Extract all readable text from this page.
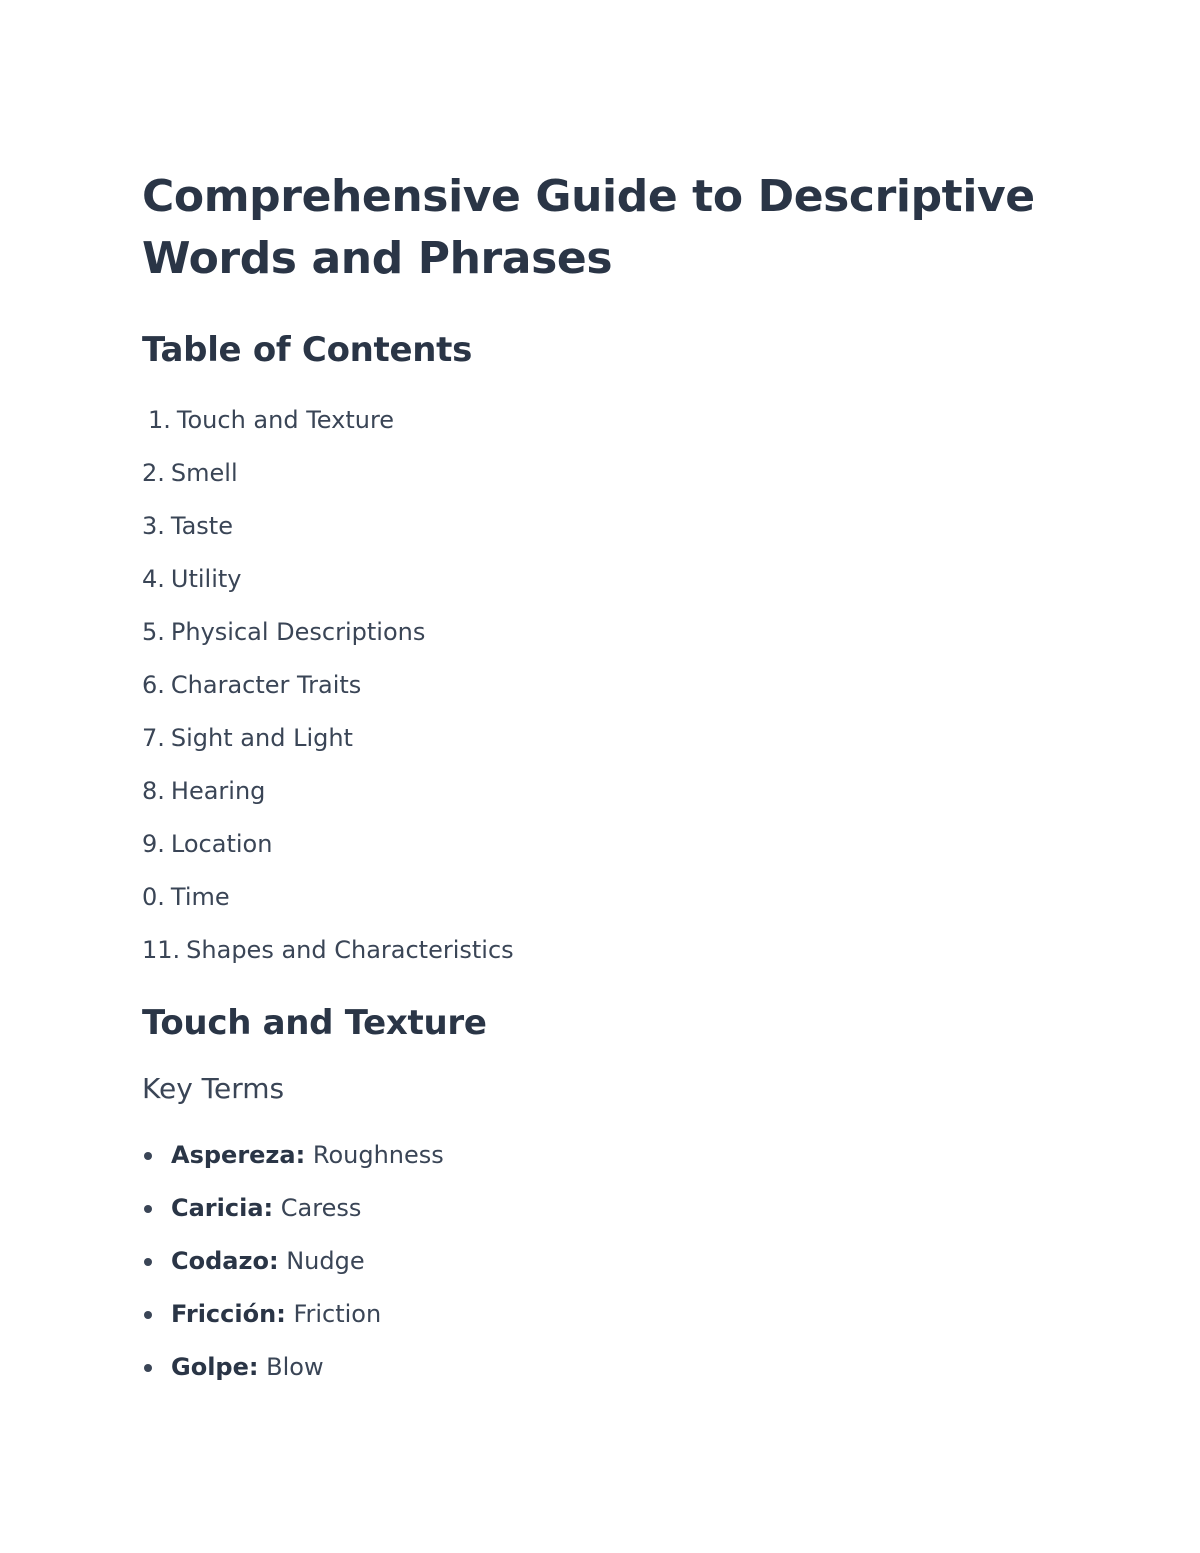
Comprehensive Guide to Descriptive
Words and Phrases
Table of Contents
1. Touch and Texture
2. Smell
3. Taste
4. Utility
5. Physical Descriptions
6. Character Traits
7. Sight and Light
8. Hearing
9. Location
0. Time
11. Shapes and Characteristics
Touch and Texture
Key Terms
Aspereza: Roughness
Caricia: Caress
Codazo: Nudge
Fricción: Friction
Golpe: Blow
